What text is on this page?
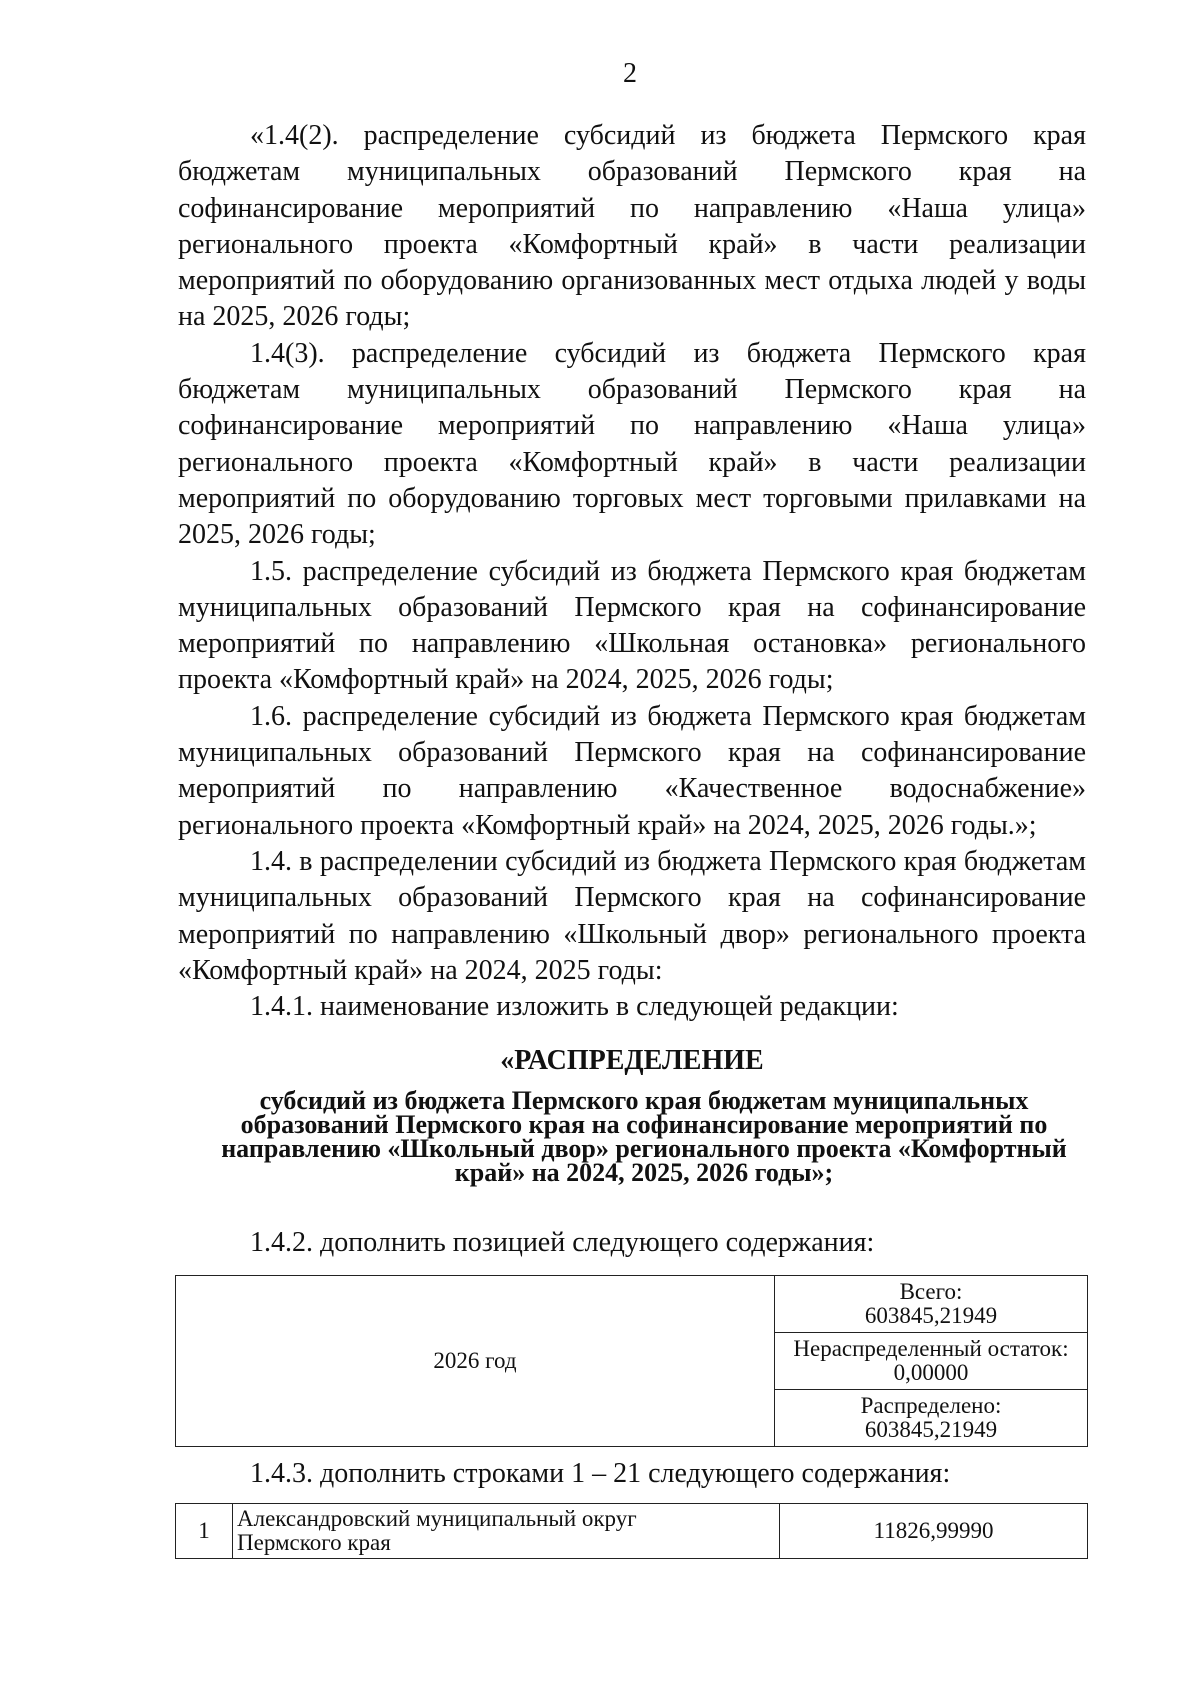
2

«1.4(2). распределение субсидий из бюджета Пермского края бюджетам муниципальных образований Пермского края на софинансирование мероприятий по направлению «Наша улица» регионального проекта «Комфортный край» в части реализации мероприятий по оборудованию организованных мест отдыха людей у воды на 2025, 2026 годы;

1.4(3). распределение субсидий из бюджета Пермского края бюджетам муниципальных образований Пермского края на софинансирование мероприятий по направлению «Наша улица» регионального проекта «Комфортный край» в части реализации мероприятий по оборудованию торговых мест торговыми прилавками на 2025, 2026 годы;

1.5. распределение субсидий из бюджета Пермского края бюджетам муниципальных образований Пермского края на софинансирование мероприятий по направлению «Школьная остановка» регионального проекта «Комфортный край» на 2024, 2025, 2026 годы;

1.6. распределение субсидий из бюджета Пермского края бюджетам муниципальных образований Пермского края на софинансирование мероприятий по направлению «Качественное водоснабжение» регионального проекта «Комфортный край» на 2024, 2025, 2026 годы.»;

1.4. в распределении субсидий из бюджета Пермского края бюджетам муниципальных образований Пермского края на софинансирование мероприятий по направлению «Школьный двор» регионального проекта «Комфортный край» на 2024, 2025 годы:

1.4.1. наименование изложить в следующей редакции:

«РАСПРЕДЕЛЕНИЕ
субсидий из бюджета Пермского края бюджетам муниципальных образований Пермского края на софинансирование мероприятий по направлению «Школьный двор» регионального проекта «Комфортный край» на 2024, 2025, 2026 годы»;

1.4.2. дополнить позицией следующего содержания:

2026 год	Всего:
603845,21949
Нераспределенный остаток:
0,00000
Распределено:
603845,21949

1.4.3. дополнить строками 1 – 21 следующего содержания:

1	Александровский муниципальный округ
Пермского края	11826,99990
